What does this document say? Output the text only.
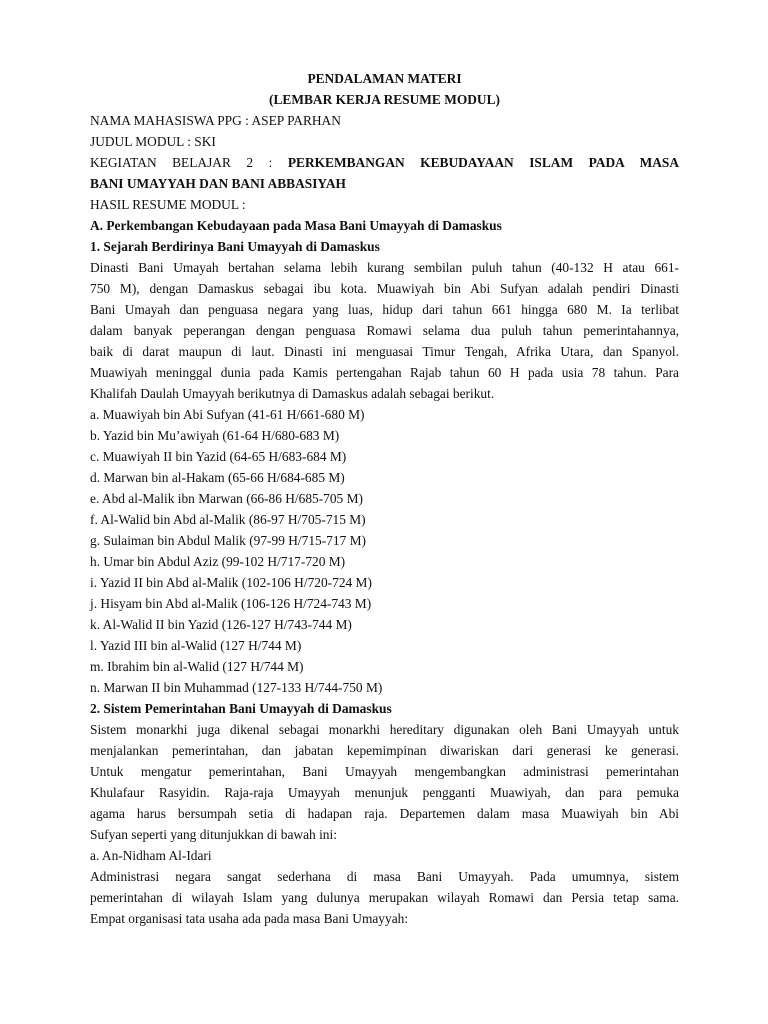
PENDALAMAN MATERI

(LEMBAR KERJA RESUME MODUL)

NAMA MAHASISWA PPG : ASEP PARHAN

JUDUL MODUL : SKI

KEGIATAN BELAJAR 2 : PERKEMBANGAN KEBUDAYAAN ISLAM PADA MASA
BANI UMAYYAH DAN BANI ABBASIYAH

HASIL RESUME MODUL :

A. Perkembangan Kebudayaan pada Masa Bani Umayyah di Damaskus

1. Sejarah Berdirinya Bani Umayyah di Damaskus

Dinasti Bani Umayah bertahan selama lebih kurang sembilan puluh tahun (40-132 H atau 661-
750 M), dengan Damaskus sebagai ibu kota. Muawiyah bin Abi Sufyan adalah pendiri Dinasti
Bani Umayah dan penguasa negara yang luas, hidup dari tahun 661 hingga 680 M. Ia terlibat
dalam banyak peperangan dengan penguasa Romawi selama dua puluh tahun pemerintahannya,
baik di darat maupun di laut. Dinasti ini menguasai Timur Tengah, Afrika Utara, dan Spanyol.
Muawiyah meninggal dunia pada Kamis pertengahan Rajab tahun 60 H pada usia 78 tahun. Para
Khalifah Daulah Umayyah berikutnya di Damaskus adalah sebagai berikut.

a. Muawiyah bin Abi Sufyan (41-61 H/661-680 M)
b. Yazid bin Mu’awiyah (61-64 H/680-683 M)
c. Muawiyah II bin Yazid (64-65 H/683-684 M)
d. Marwan bin al-Hakam (65-66 H/684-685 M)
e. Abd al-Malik ibn Marwan (66-86 H/685-705 M)
f. Al-Walid bin Abd al-Malik (86-97 H/705-715 M)
g. Sulaiman bin Abdul Malik (97-99 H/715-717 M)
h. Umar bin Abdul Aziz (99-102 H/717-720 M)
i. Yazid II bin Abd al-Malik (102-106 H/720-724 M)
j. Hisyam bin Abd al-Malik (106-126 H/724-743 M)
k. Al-Walid II bin Yazid (126-127 H/743-744 M)
l. Yazid III bin al-Walid (127 H/744 M)
m. Ibrahim bin al-Walid (127 H/744 M)
n. Marwan II bin Muhammad (127-133 H/744-750 M)

2. Sistem Pemerintahan Bani Umayyah di Damaskus

Sistem monarkhi juga dikenal sebagai monarkhi hereditary digunakan oleh Bani Umayyah untuk
menjalankan pemerintahan, dan jabatan kepemimpinan diwariskan dari generasi ke generasi.
Untuk mengatur pemerintahan, Bani Umayyah mengembangkan administrasi pemerintahan
Khulafaur Rasyidin. Raja-raja Umayyah menunjuk pengganti Muawiyah, dan para pemuka
agama harus bersumpah setia di hadapan raja. Departemen dalam masa Muawiyah bin Abi
Sufyan seperti yang ditunjukkan di bawah ini:

a. An-Nidham Al-Idari

Administrasi negara sangat sederhana di masa Bani Umayyah. Pada umumnya, sistem
pemerintahan di wilayah Islam yang dulunya merupakan wilayah Romawi dan Persia tetap sama.
Empat organisasi tata usaha ada pada masa Bani Umayyah:
